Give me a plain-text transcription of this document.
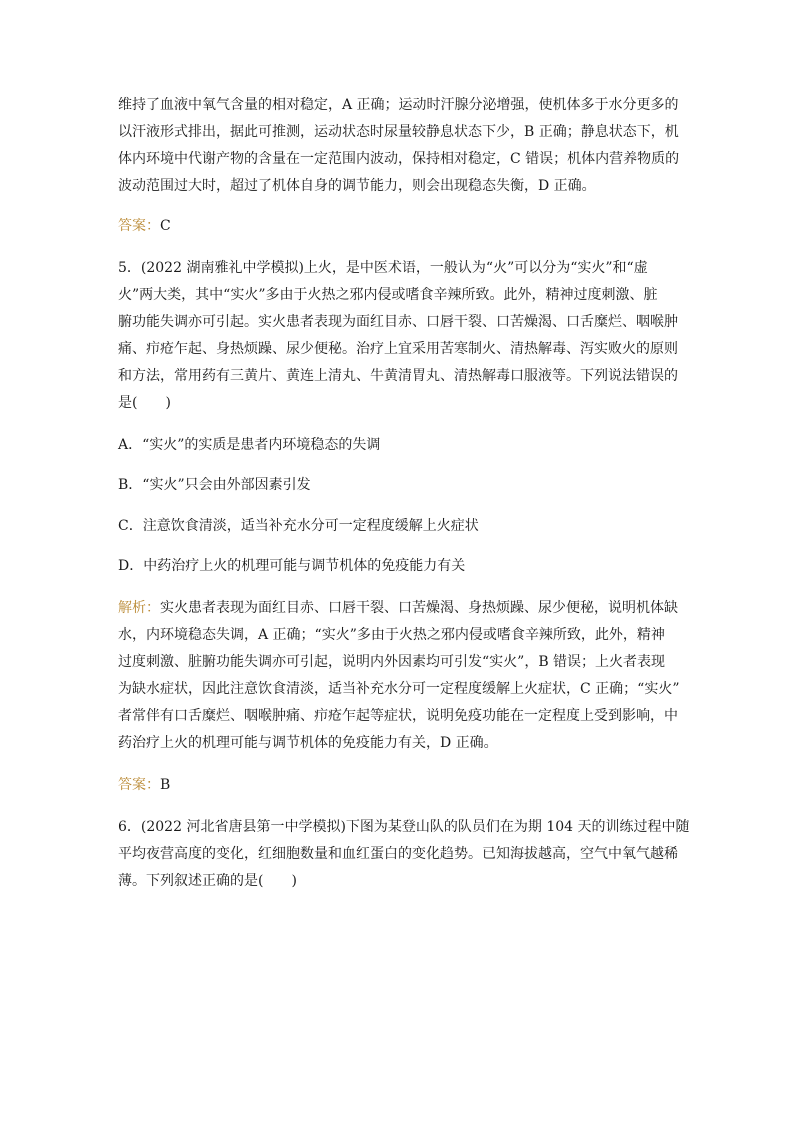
维持了血液中氧气含量的相对稳定，A 正确；运动时汗腺分泌增强，使机体多于水分更多的
以汗液形式排出，据此可推测，运动状态时尿量较静息状态下少，B 正确；静息状态下，机
体内环境中代谢产物的含量在一定范围内波动，保持相对稳定，C 错误；机体内营养物质的
波动范围过大时，超过了机体自身的调节能力，则会出现稳态失衡，D 正确。
答案：C
5．(2022 湖南雅礼中学模拟)上火，是中医术语，一般认为“火”可以分为“实火”和“虚
火”两大类，其中“实火”多由于火热之邪内侵或嗜食辛辣所致。此外，精神过度刺激、脏
腑功能失调亦可引起。实火患者表现为面红目赤、口唇干裂、口苦燥渴、口舌糜烂、咽喉肿
痛、疖疮乍起、身热烦躁、尿少便秘。治疗上宜采用苦寒制火、清热解毒、泻实败火的原则
和方法，常用药有三黄片、黄连上清丸、牛黄清胃丸、清热解毒口服液等。下列说法错误的
是(　　)
A．“实火”的实质是患者内环境稳态的失调
B．“实火”只会由外部因素引发
C．注意饮食清淡，适当补充水分可一定程度缓解上火症状
D．中药治疗上火的机理可能与调节机体的免疫能力有关
解析：实火患者表现为面红目赤、口唇干裂、口苦燥渴、身热烦躁、尿少便秘，说明机体缺
水，内环境稳态失调，A 正确；“实火”多由于火热之邪内侵或嗜食辛辣所致，此外，精神
过度刺激、脏腑功能失调亦可引起，说明内外因素均可引发“实火”，B 错误；上火者表现
为缺水症状，因此注意饮食清淡，适当补充水分可一定程度缓解上火症状，C 正确；“实火”
者常伴有口舌糜烂、咽喉肿痛、疖疮乍起等症状，说明免疫功能在一定程度上受到影响，中
药治疗上火的机理可能与调节机体的免疫能力有关，D 正确。
答案：B
6．(2022 河北省唐县第一中学模拟)下图为某登山队的队员们在为期 104 天的训练过程中随
平均夜营高度的变化，红细胞数量和血红蛋白的变化趋势。已知海拔越高，空气中氧气越稀
薄。下列叙述正确的是(　　)
